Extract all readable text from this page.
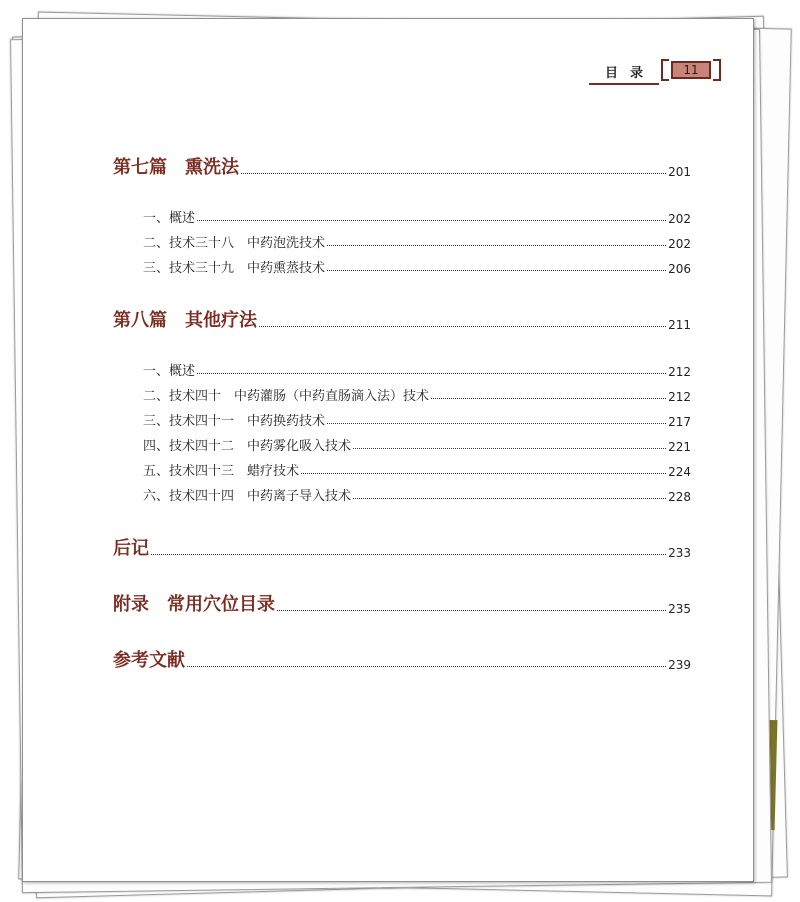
目录	11
第七篇　熏洗法	201
一、概述	202
二、技术三十八　中药泡洗技术	202
三、技术三十九　中药熏蒸技术	206
第八篇　其他疗法	211
一、概述	212
二、技术四十　中药灌肠（中药直肠滴入法）技术	212
三、技术四十一　中药换药技术	217
四、技术四十二　中药雾化吸入技术	221
五、技术四十三　蜡疗技术	224
六、技术四十四　中药离子导入技术	228
后记	233
附录　常用穴位目录	235
参考文献	239
